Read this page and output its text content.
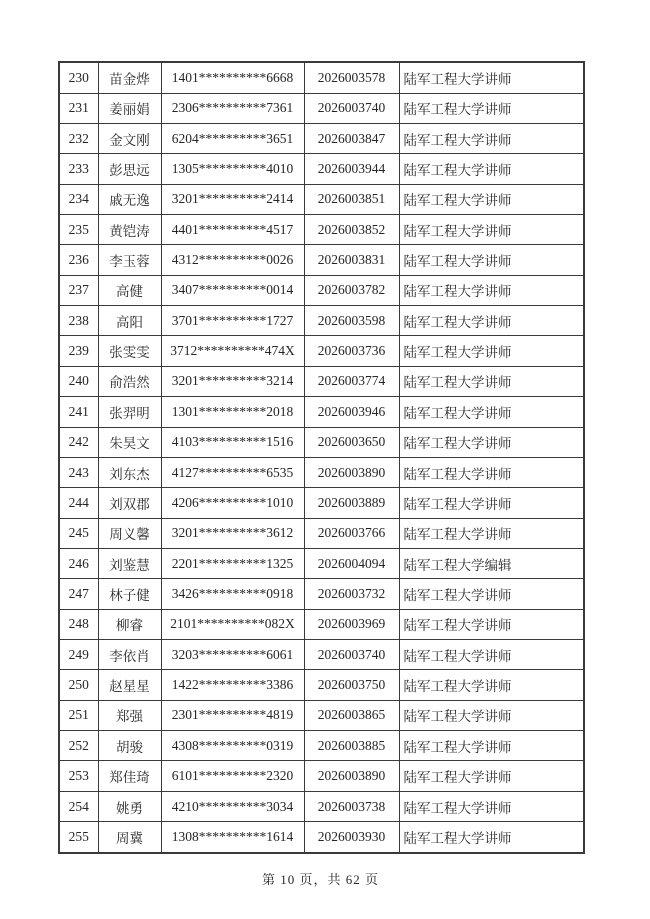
230	苗金烨	1401**********6668	2026003578	陆军工程大学讲师
231	姜丽娟	2306**********7361	2026003740	陆军工程大学讲师
232	金文刚	6204**********3651	2026003847	陆军工程大学讲师
233	彭思远	1305**********4010	2026003944	陆军工程大学讲师
234	戚无逸	3201**********2414	2026003851	陆军工程大学讲师
235	黄铠涛	4401**********4517	2026003852	陆军工程大学讲师
236	李玉蓉	4312**********0026	2026003831	陆军工程大学讲师
237	高健	3407**********0014	2026003782	陆军工程大学讲师
238	高阳	3701**********1727	2026003598	陆军工程大学讲师
239	张雯雯	3712**********474X	2026003736	陆军工程大学讲师
240	俞浩然	3201**********3214	2026003774	陆军工程大学讲师
241	张羿明	1301**********2018	2026003946	陆军工程大学讲师
242	朱昊文	4103**********1516	2026003650	陆军工程大学讲师
243	刘东杰	4127**********6535	2026003890	陆军工程大学讲师
244	刘双郡	4206**********1010	2026003889	陆军工程大学讲师
245	周义馨	3201**********3612	2026003766	陆军工程大学讲师
246	刘鉴慧	2201**********1325	2026004094	陆军工程大学编辑
247	林子健	3426**********0918	2026003732	陆军工程大学讲师
248	柳睿	2101**********082X	2026003969	陆军工程大学讲师
249	李依肖	3203**********6061	2026003740	陆军工程大学讲师
250	赵星星	1422**********3386	2026003750	陆军工程大学讲师
251	郑强	2301**********4819	2026003865	陆军工程大学讲师
252	胡骏	4308**********0319	2026003885	陆军工程大学讲师
253	郑佳琦	6101**********2320	2026003890	陆军工程大学讲师
254	姚勇	4210**********3034	2026003738	陆军工程大学讲师
255	周冀	1308**********1614	2026003930	陆军工程大学讲师
第 10 页，共 62 页
